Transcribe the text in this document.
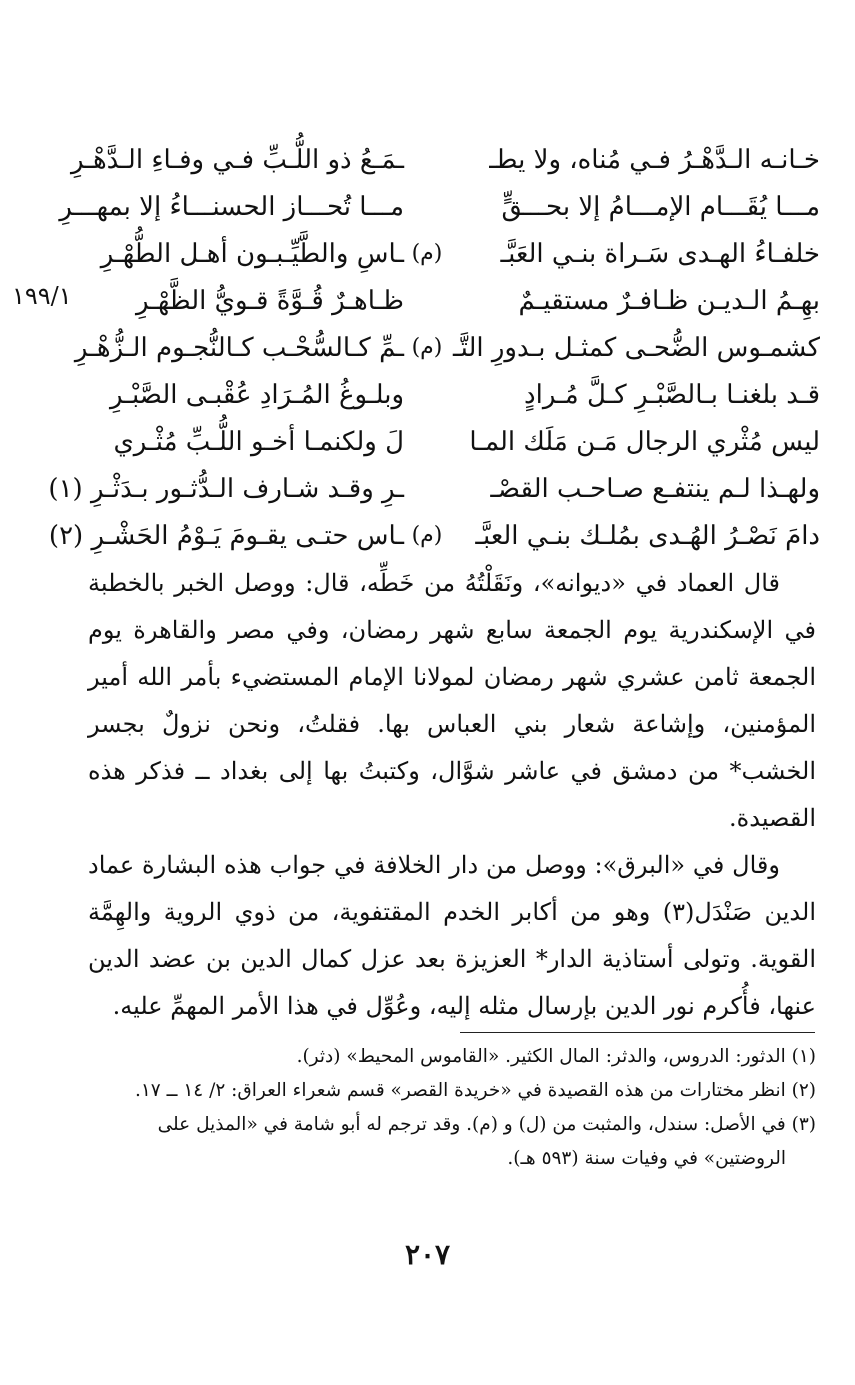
١٩٩/١
خـانـه الـدَّهْـرُ فـي مُناه، ولا يطـ
ـمَـعُ ذو اللُّـبِّ فـي وفـاءِ الـدَّهْـرِ
مـــا يُقَـــام الإمـــامُ إلا بحـــقٍّ
مـــا تُحـــاز الحسنـــاءُ إلا بمهـــرِ
خلفـاءُ الهـدى سَـراة بنـي العَبَّـ
(م)
ـاسِ والطَّيِّـبـون أهـل الطُّهْـرِ
بهِـمُ الـديـن ظـافـرٌ مستقيـمٌ
ظـاهـرٌ قُـوَّةً قـويُّ الظَّهْـرِ
كشمـوس الضُّحـى كمثـل بـدورِ التَّـ
(م)
ـمِّ كـالسُّحْـب كـالنُّجـوم الـزُّهْـرِ
قـد بلغنـا بـالصَّبْـرِ كـلَّ مُـرادٍ
وبلـوغُ المُـرَادِ عُقْبـى الصَّبْـرِ
ليس مُثْري الرجال مَـن مَلَك المـا
لَ ولكنمـا أخـو اللُّـبِّ مُثْـري
ولهـذا لـم ينتفـع صـاحـب القصْـ
ـرِ وقـد شـارف الـدُّثـور بـدَثْـرِ (١)
دامَ نَصْـرُ الهُـدى بمُلـك بنـي العبَّـ
(م)
ـاس حتـى يقـومَ يَـوْمُ الحَشْـرِ (٢)

قال العماد في «ديوانه»، ونَقَلْتُهُ من خَطِّه، قال: ووصل الخبر بالخطبة في الإسكندرية يوم الجمعة سابع شهر رمضان، وفي مصر والقاهرة يوم الجمعة ثامن عشري شهر رمضان لمولانا الإمام المستضيء بأمر الله أمير المؤمنين، وإشاعة شعار بني العباس بها. فقلتُ، ونحن نزولٌ بجسر الخشب* من دمشق في عاشر شوَّال، وكتبتُ بها إلى بغداد ــ فذكر هذه القصيدة.

وقال في «البرق»: ووصل من دار الخلافة في جواب هذه البشارة عماد الدين صَنْدَل(٣) وهو من أكابر الخدم المقتفوية، من ذوي الروية والهِمَّة القوية. وتولى أستاذية الدار* العزيزة بعد عزل كمال الدين بن عضد الدين عنها، فأُكرم نور الدين بإرسال مثله إليه، وعُوِّل في هذا الأمر المهمِّ عليه.

(١) الدثور: الدروس، والدثر: المال الكثير. «القاموس المحيط» (دثر).

(٢) انظر مختارات من هذه القصيدة في «خريدة القصر» قسم شعراء العراق: ٢/ ١٤ ــ ١٧.

(٣) في الأصل: سندل، والمثبت من (ل) و (م). وقد ترجم له أبو شامة في «المذيل على الروضتين» في وفيات سنة (٥٩٣ هـ).

٢٠٧
